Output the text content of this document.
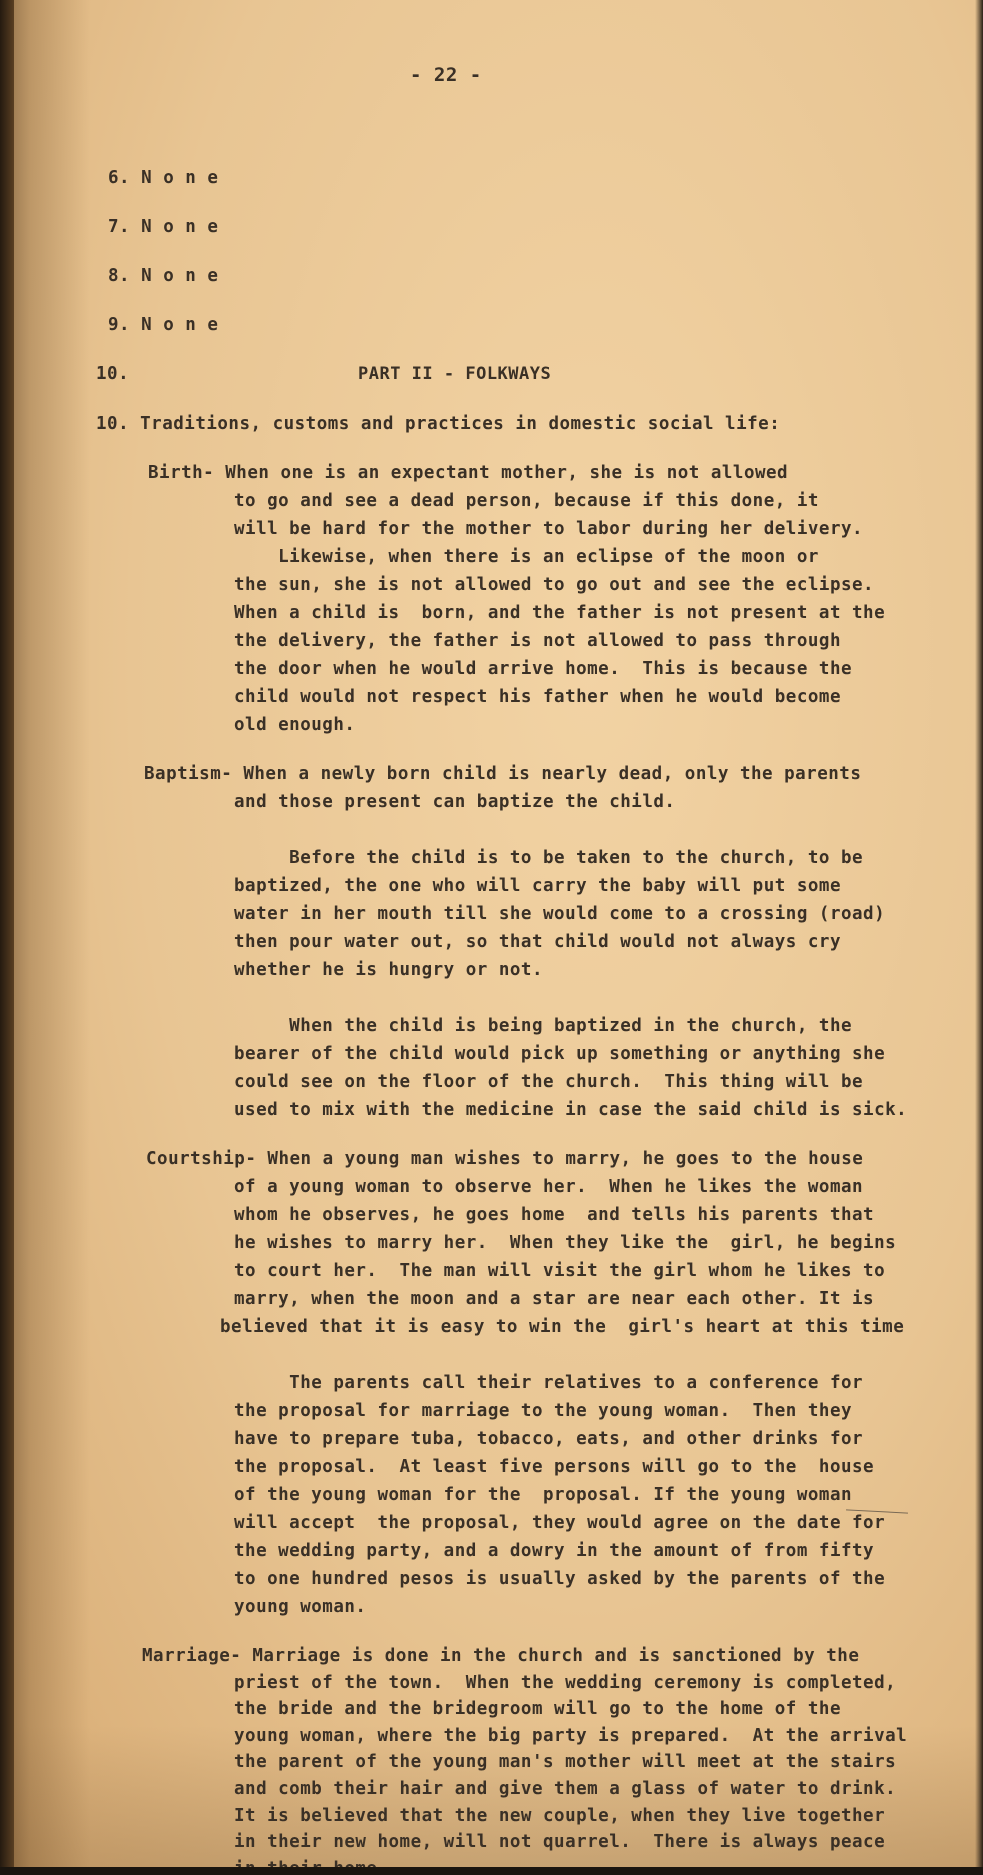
- 22 -

6. N o n e

7. N o n e

8. N o n e

9. N o n e

10.	PART II - FOLKWAYS

10. Traditions, customs and practices in domestic social life:

Birth- When one is an expectant mother, she is not allowed

to go and see a dead person, because if this done, it

will be hard for the mother to labor during her delivery.

Likewise, when there is an eclipse of the moon or

the sun, she is not allowed to go out and see the eclipse.

When a child is  born, and the father is not present at the

the delivery, the father is not allowed to pass through

the door when he would arrive home.  This is because the

child would not respect his father when he would become

old enough.

Baptism- When a newly born child is nearly dead, only the parents

and those present can baptize the child.

Before the child is to be taken to the church, to be

baptized, the one who will carry the baby will put some

water in her mouth till she would come to a crossing (road)

then pour water out, so that child would not always cry

whether he is hungry or not.

When the child is being baptized in the church, the

bearer of the child would pick up something or anything she

could see on the floor of the church.  This thing will be

used to mix with the medicine in case the said child is sick.

Courtship- When a young man wishes to marry, he goes to the house

of a young woman to observe her.  When he likes the woman

whom he observes, he goes home  and tells his parents that

he wishes to marry her.  When they like the  girl, he begins

to court her.  The man will visit the girl whom he likes to

marry, when the moon and a star are near each other. It is

believed that it is easy to win the  girl's heart at this time

The parents call their relatives to a conference for

the proposal for marriage to the young woman.  Then they

have to prepare tuba, tobacco, eats, and other drinks for

the proposal.  At least five persons will go to the  house

of the young woman for the  proposal. If the young woman

will accept  the proposal, they would agree on the date for

the wedding party, and a dowry in the amount of from fifty

to one hundred pesos is usually asked by the parents of the

young woman.

Marriage- Marriage is done in the church and is sanctioned by the

priest of the town.  When the wedding ceremony is completed,

the bride and the bridegroom will go to the home of the

young woman, where the big party is prepared.  At the arrival

the parent of the young man's mother will meet at the stairs

and comb their hair and give them a glass of water to drink.

It is believed that the new couple, when they live together

in their new home, will not quarrel.  There is always peace
